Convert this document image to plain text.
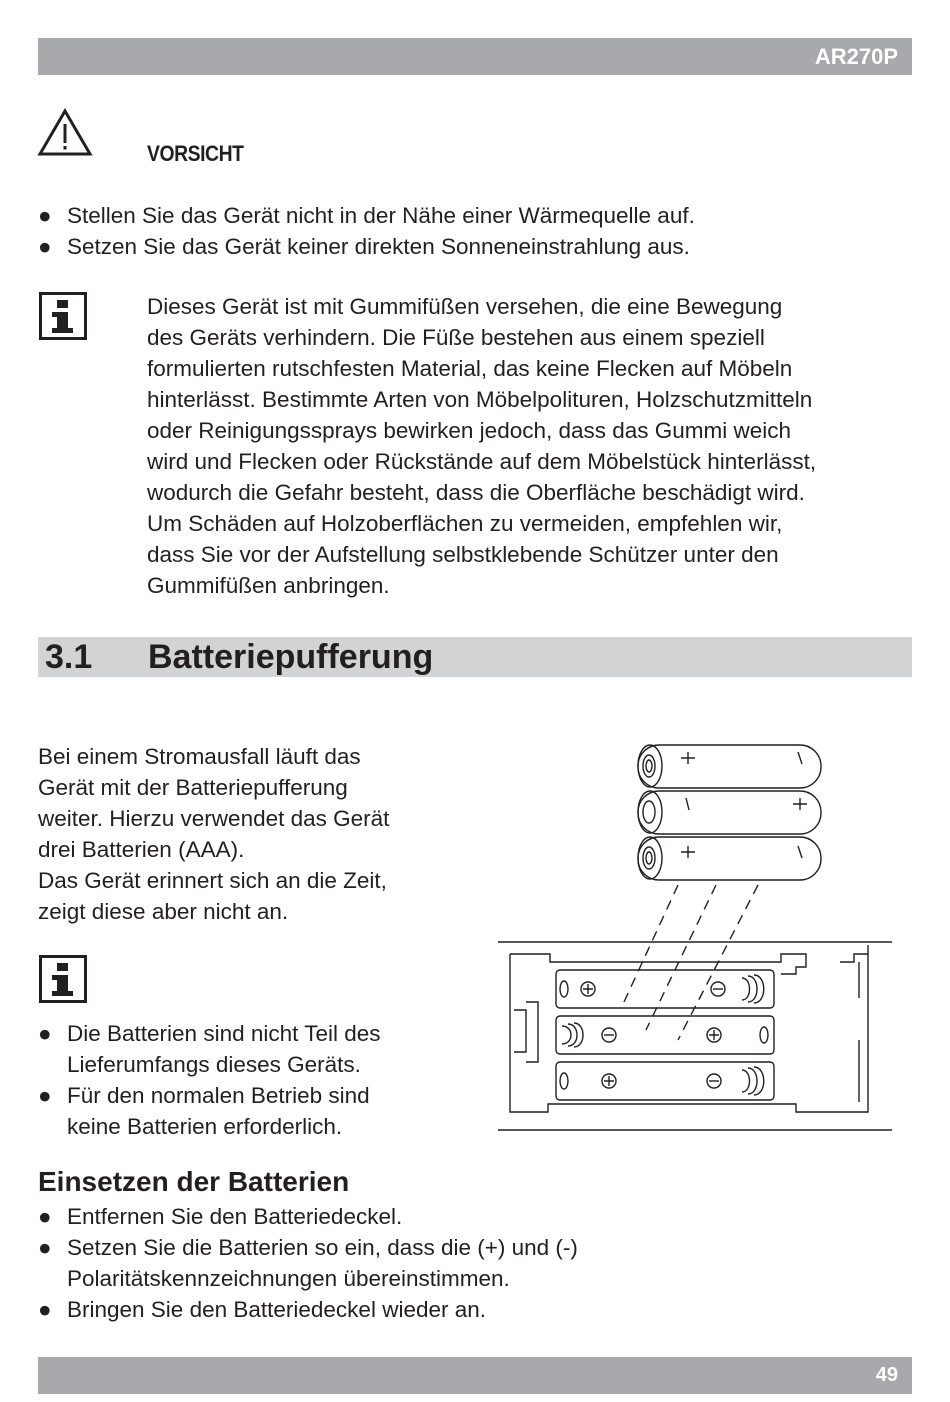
AR270P
VORSICHT
● Stellen Sie das Gerät nicht in der Nähe einer Wärmequelle auf.
● Setzen Sie das Gerät keiner direkten Sonneneinstrahlung aus.

Dieses Gerät ist mit Gummifüßen versehen, die eine Bewegung
des Geräts verhindern. Die Füße bestehen aus einem speziell
formulierten rutschfesten Material, das keine Flecken auf Möbeln
hinterlässt. Bestimmte Arten von Möbelpolituren, Holzschutzmitteln
oder Reinigungssprays bewirken jedoch, dass das Gummi weich
wird und Flecken oder Rückstände auf dem Möbelstück hinterlässt,
wodurch die Gefahr besteht, dass die Oberfläche beschädigt wird.
Um Schäden auf Holzoberflächen zu vermeiden, empfehlen wir,
dass Sie vor der Aufstellung selbstklebende Schützer unter den
Gummifüßen anbringen.

3.1 Batteriepufferung

Bei einem Stromausfall läuft das
Gerät mit der Batteriepufferung
weiter. Hierzu verwendet das Gerät
drei Batterien (AAA).
Das Gerät erinnert sich an die Zeit,
zeigt diese aber nicht an.

● Die Batterien sind nicht Teil des
Lieferumfangs dieses Geräts.
● Für den normalen Betrieb sind
keine Batterien erforderlich.
Einsetzen der Batterien
● Entfernen Sie den Batteriedeckel.
● Setzen Sie die Batterien so ein, dass die (+) und (-)
Polaritätskennzeichnungen übereinstimmen.
● Bringen Sie den Batteriedeckel wieder an.
49
